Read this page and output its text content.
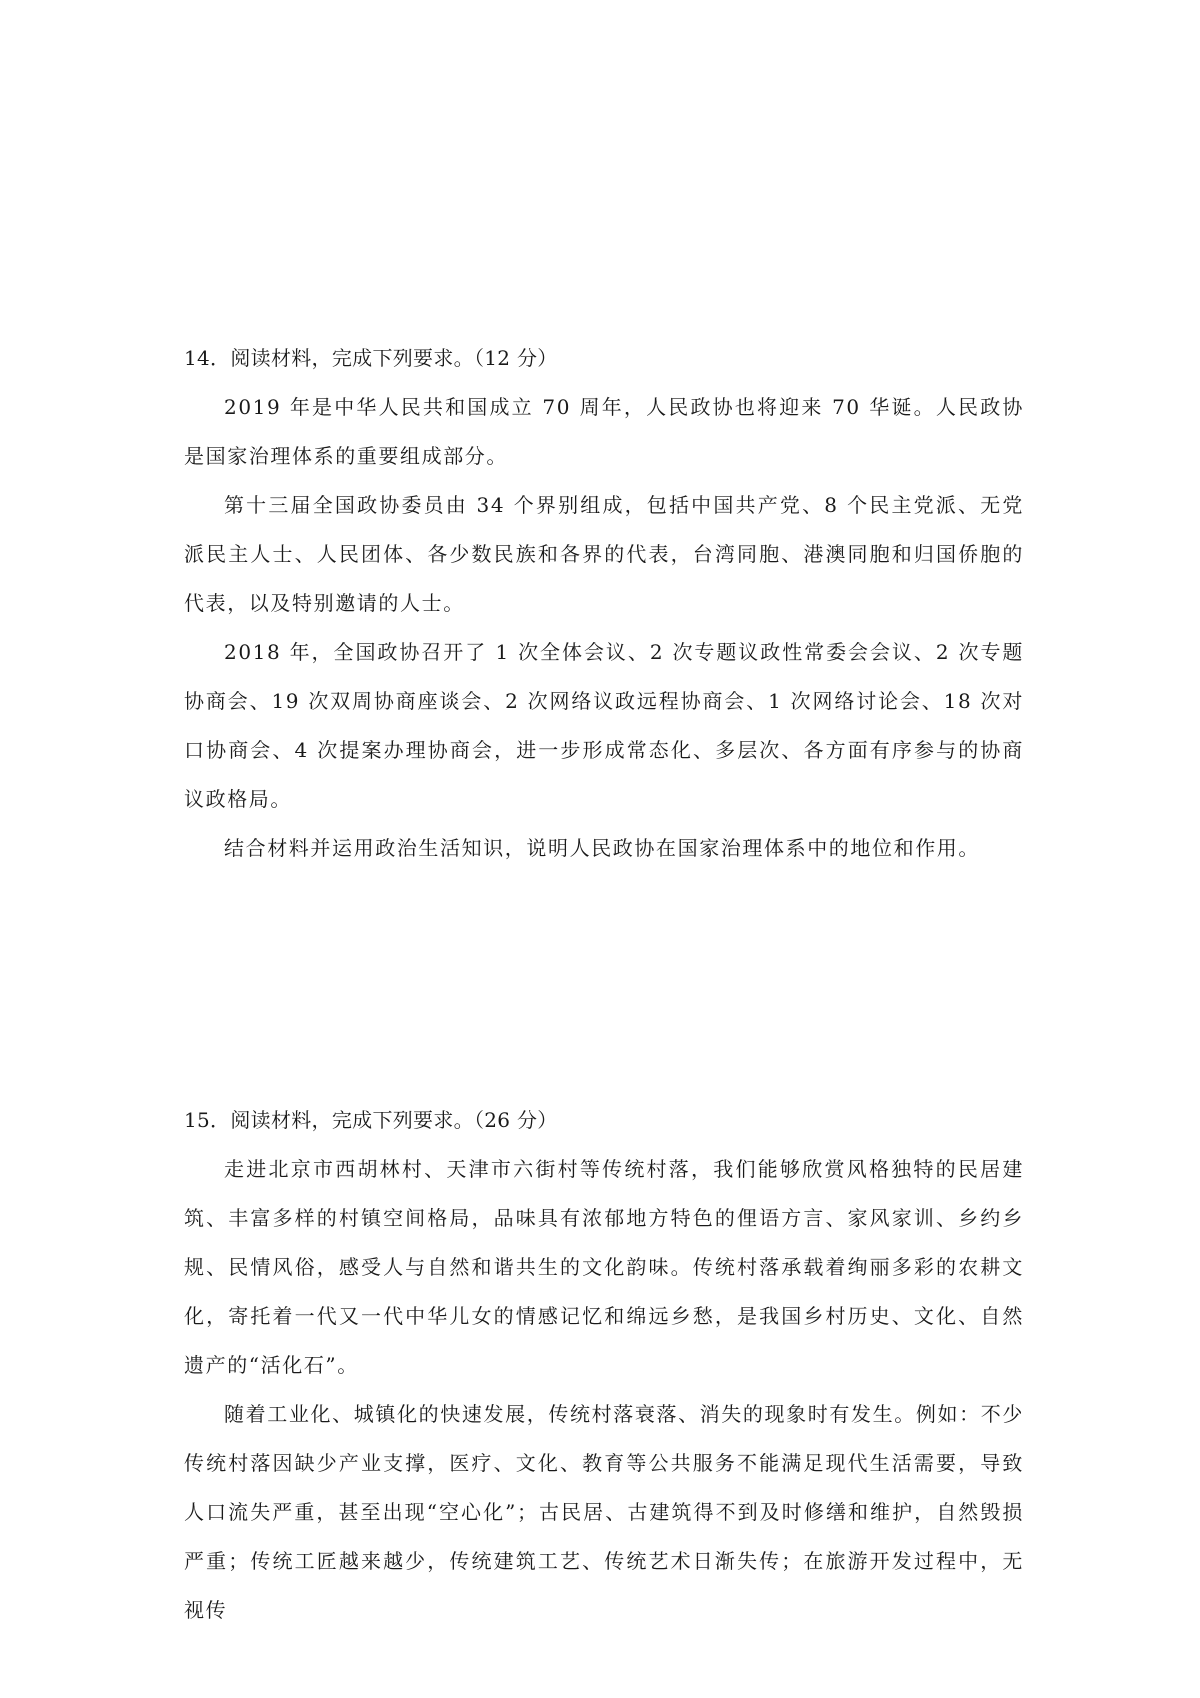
14．阅读材料，完成下列要求。（12 分）

2019 年是中华人民共和国成立 70 周年，人民政协也将迎来 70 华诞。人民政协是国家治理体系的重要组成部分。

第十三届全国政协委员由 34 个界别组成，包括中国共产党、8 个民主党派、无党派民主人士、人民团体、各少数民族和各界的代表，台湾同胞、港澳同胞和归国侨胞的代表，以及特别邀请的人士。

2018 年，全国政协召开了 1 次全体会议、2 次专题议政性常委会会议、2 次专题协商会、19 次双周协商座谈会、2 次网络议政远程协商会、1 次网络讨论会、18 次对口协商会、4 次提案办理协商会，进一步形成常态化、多层次、各方面有序参与的协商议政格局。

结合材料并运用政治生活知识，说明人民政协在国家治理体系中的地位和作用。

15．阅读材料，完成下列要求。（26 分）

走进北京市西胡林村、天津市六街村等传统村落，我们能够欣赏风格独特的民居建筑、丰富多样的村镇空间格局，品味具有浓郁地方特色的俚语方言、家风家训、乡约乡规、民情风俗，感受人与自然和谐共生的文化韵味。传统村落承载着绚丽多彩的农耕文化，寄托着一代又一代中华儿女的情感记忆和绵远乡愁，是我国乡村历史、文化、自然遗产的“活化石”。

随着工业化、城镇化的快速发展，传统村落衰落、消失的现象时有发生。例如：不少传统村落因缺少产业支撑，医疗、文化、教育等公共服务不能满足现代生活需要，导致人口流失严重，甚至出现“空心化”；古民居、古建筑得不到及时修缮和维护，自然毁损严重；传统工匠越来越少，传统建筑工艺、传统艺术日渐失传；在旅游开发过程中，无视传
